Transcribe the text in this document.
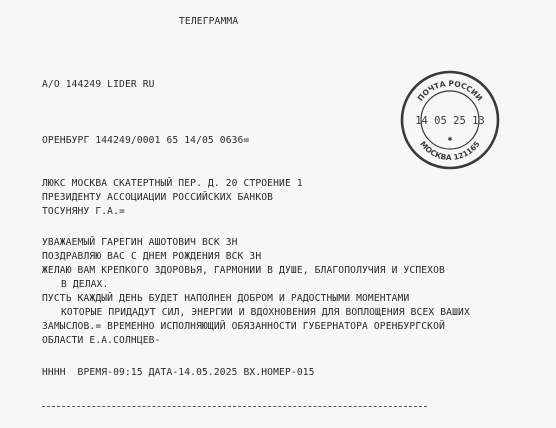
ТЕЛЕГРАММА
А/О 144249 LIDER RU
ОРЕНБУРГ 144249/0001 65 14/05 0636=
ЛЮКС МОСКВА СКАТЕРТНЫЙ ПЕР. Д. 20 СТРОЕНИЕ 1
ПРЕЗИДЕНТУ АССОЦИАЦИИ РОССИЙСКИХ БАНКОВ
ТОСУНЯНУ Г.А.=
УВАЖАЕМЫЙ ГАРЕГИН АШОТОВИЧ ВСК ЗН
ПОЗДРАВЛЯЮ ВАС С ДНЕМ РОЖДЕНИЯ ВСК ЗН
ЖЕЛАЮ ВАМ КРЕПКОГО ЗДОРОВЬЯ, ГАРМОНИИ В ДУШЕ, БЛАГОПОЛУЧИЯ И УСПЕХОВ
В ДЕЛАХ.
ПУСТЬ КАЖДЫЙ ДЕНЬ БУДЕТ НАПОЛНЕН ДОБРОМ И РАДОСТНЫМИ МОМЕНТАМИ
КОТОРЫЕ ПРИДАДУТ СИЛ, ЭНЕРГИИ И ВДОХНОВЕНИЯ ДЛЯ ВОПЛОЩЕНИЯ ВСЕХ ВАШИХ
ЗАМЫСЛОВ.= ВРЕМЕННО ИСПОЛНЯЮЩИЙ ОБЯЗАННОСТИ ГУБЕРНАТОРА ОРЕНБУРГСКОЙ
ОБЛАСТИ Е.А.СОЛНЦЕВ-
НННН  ВРЕМЯ-09:15 ДАТА-14.05.2025 ВХ.НОМЕР-015
ПОЧТА РОССИИ
14 05 25 13
✱
МОСКВА 121165
